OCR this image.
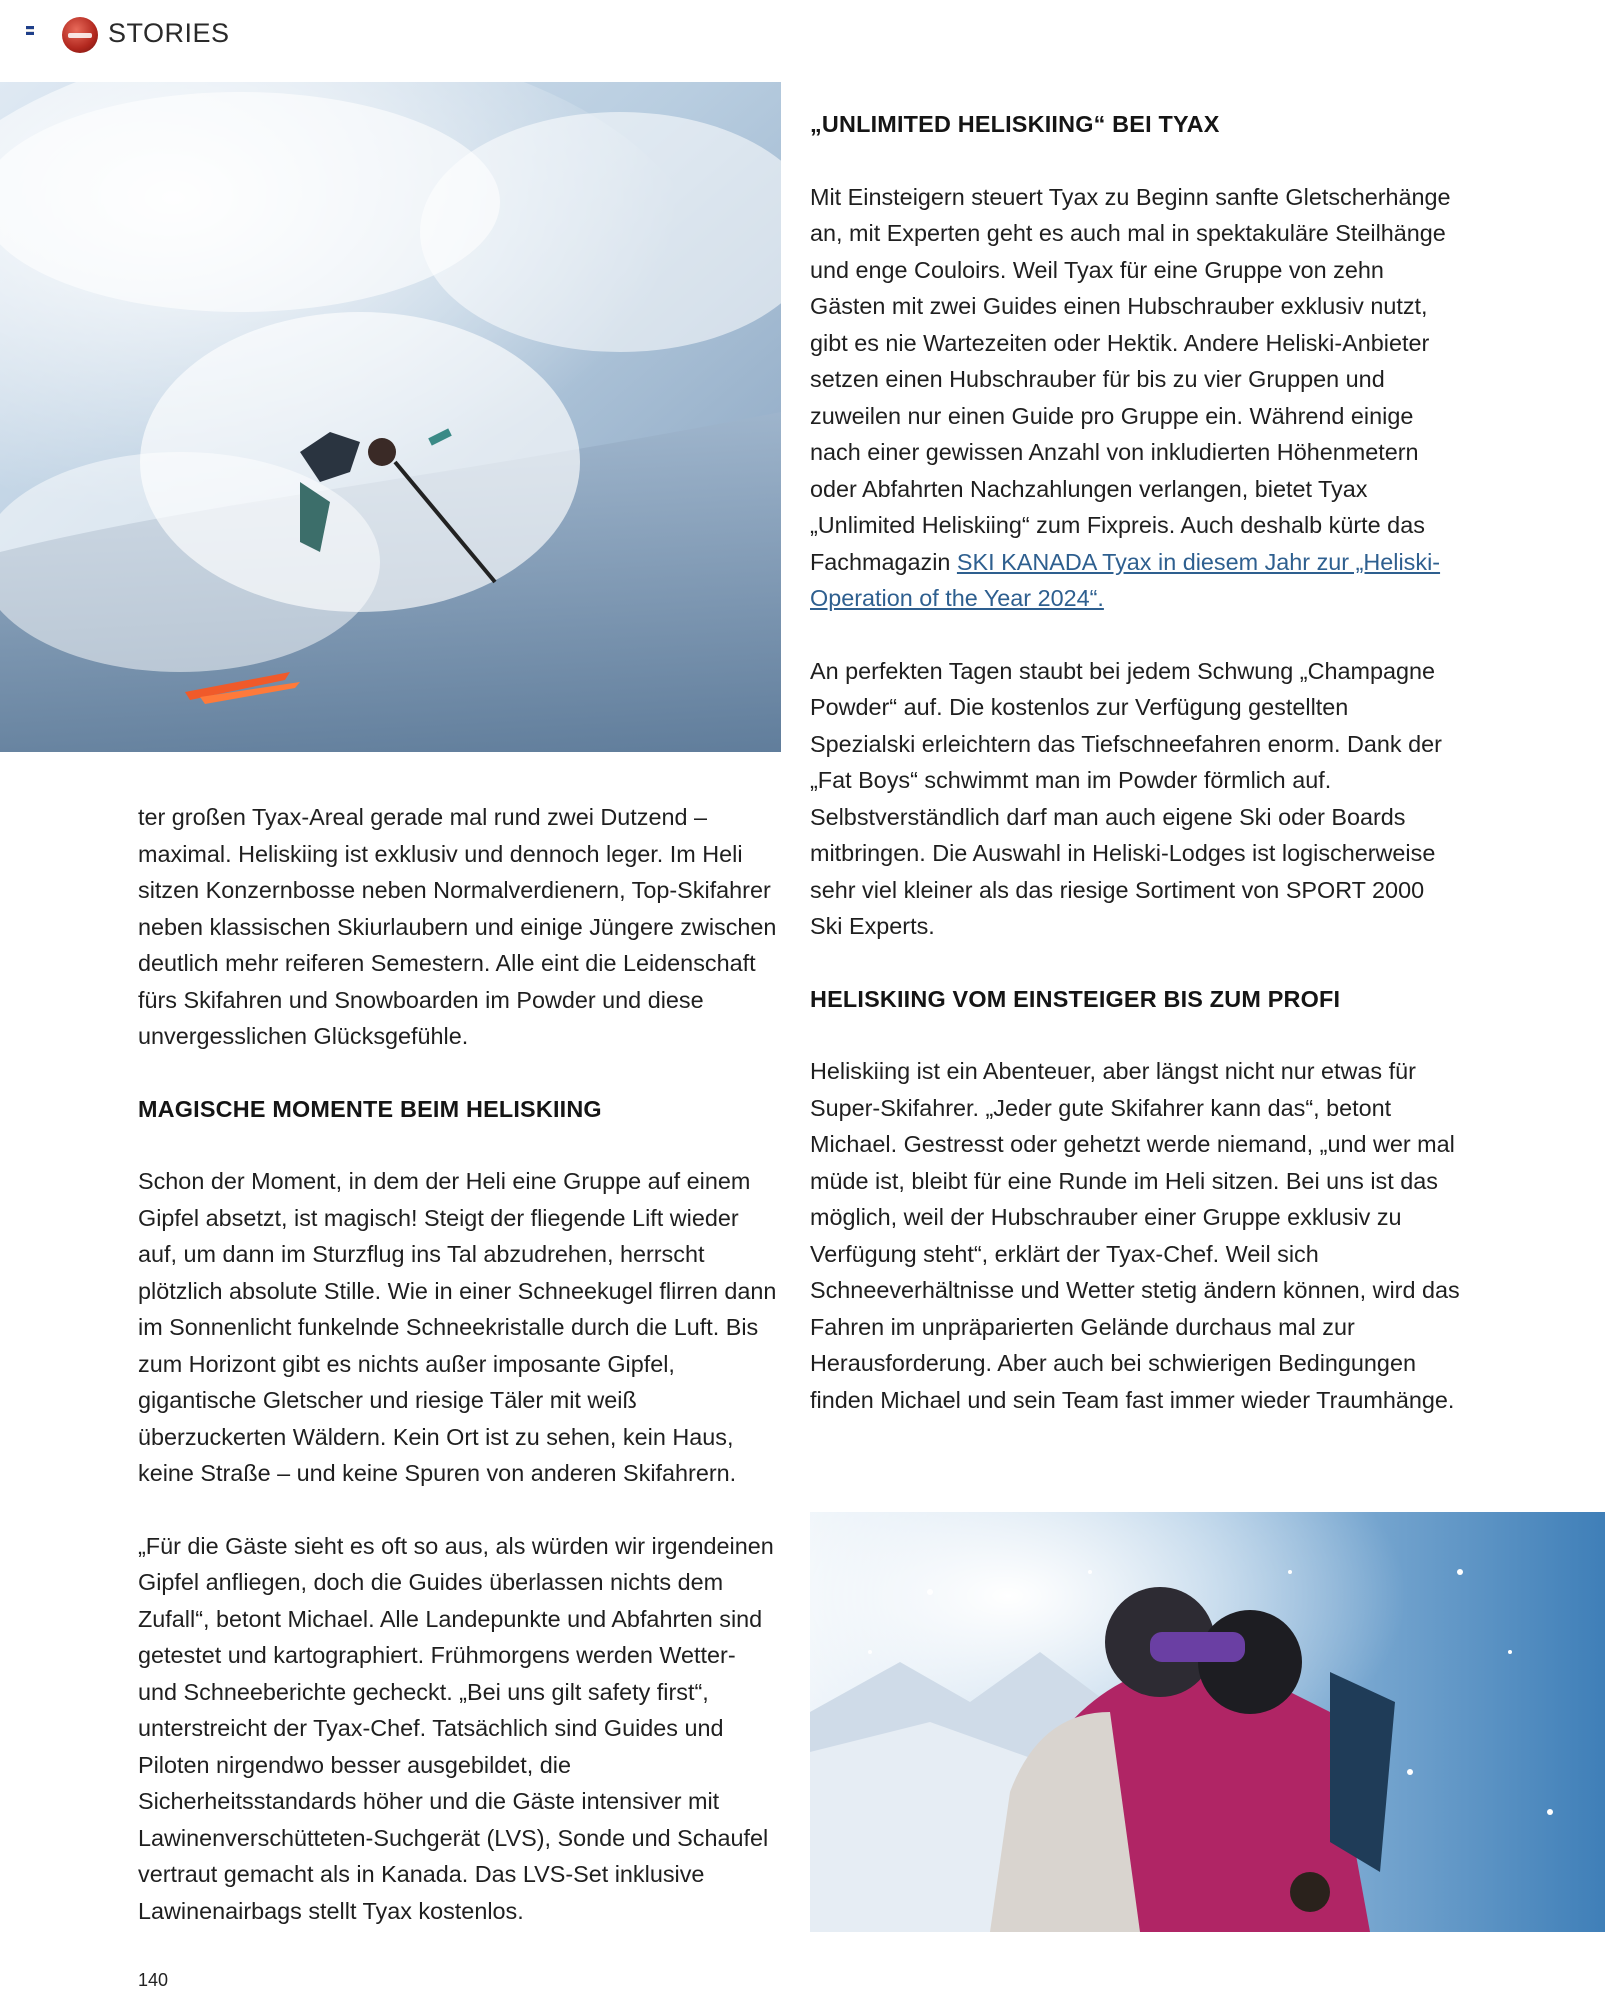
STORIES
„UNLIMITED HELISKIING“ BEI TYAX

Mit Einsteigern steuert Tyax zu Beginn sanfte Gletscherhänge an, mit Experten geht es auch mal in spektakuläre Steilhänge und enge Couloirs. Weil Tyax für eine Gruppe von zehn Gästen mit zwei Guides einen Hubschrauber exklusiv nutzt, gibt es nie Wartezeiten oder Hektik. Andere Heliski-Anbieter setzen einen Hubschrauber für bis zu vier Gruppen und zuweilen nur einen Guide pro Gruppe ein. Während einige nach einer gewissen Anzahl von inkludierten Höhenmetern oder Abfahrten Nachzahlungen verlangen, bietet Tyax „Unlimited Heliskiing“ zum Fixpreis. Auch deshalb kürte das Fachmagazin SKI KANADA Tyax in diesem Jahr zur „Heliski-Operation of the Year 2024“.

An perfekten Tagen staubt bei jedem Schwung „Champagne Powder“ auf. Die kostenlos zur Verfügung gestellten Spezialski erleichtern das Tiefschneefahren enorm. Dank der „Fat Boys“ schwimmt man im Powder förmlich auf. Selbstverständlich darf man auch eigene Ski oder Boards mitbringen. Die Auswahl in Heliski-Lodges ist logischerweise sehr viel kleiner als das riesige Sortiment von SPORT 2000 Ski Experts.

HELISKIING VOM EINSTEIGER BIS ZUM PROFI

Heliskiing ist ein Abenteuer, aber längst nicht nur etwas für Super-Skifahrer. „Jeder gute Skifahrer kann das“, betont Michael. Gestresst oder gehetzt werde niemand, „und wer mal müde ist, bleibt für eine Runde im Heli sitzen. Bei uns ist das möglich, weil der Hubschrauber einer Gruppe exklusiv zu Verfügung steht“, erklärt der Tyax-Chef. Weil sich Schneeverhältnisse und Wetter stetig ändern können, wird das Fahren im unpräparierten Gelände durchaus mal zur Herausforderung. Aber auch bei schwierigen Bedingungen finden Michael und sein Team fast immer wieder Traumhänge.

ter großen Tyax-Areal gerade mal rund zwei Dutzend – maximal. Heliskiing ist exklusiv und dennoch leger. Im Heli sitzen Konzernbosse neben Normalverdienern, Top-Skifahrer neben klassischen Skiurlaubern und einige Jüngere zwischen deutlich mehr reiferen Semestern. Alle eint die Leidenschaft fürs Skifahren und Snowboarden im Powder und diese unvergesslichen Glücksgefühle.

MAGISCHE MOMENTE BEIM HELISKIING

Schon der Moment, in dem der Heli eine Gruppe auf einem Gipfel absetzt, ist magisch! Steigt der fliegende Lift wieder auf, um dann im Sturzflug ins Tal abzudrehen, herrscht plötzlich absolute Stille. Wie in einer Schneekugel flirren dann im Sonnenlicht funkelnde Schneekristalle durch die Luft. Bis zum Horizont gibt es nichts außer imposante Gipfel, gigantische Gletscher und riesige Täler mit weiß überzuckerten Wäldern. Kein Ort ist zu sehen, kein Haus, keine Straße – und keine Spuren von anderen Skifahrern.

„Für die Gäste sieht es oft so aus, als würden wir irgendeinen Gipfel anfliegen, doch die Guides überlassen nichts dem Zufall“, betont Michael. Alle Landepunkte und Abfahrten sind getestet und kartographiert. Frühmorgens werden Wetter- und Schneeberichte gecheckt. „Bei uns gilt safety first“, unterstreicht der Tyax-Chef. Tatsächlich sind Guides und Piloten nirgendwo besser ausgebildet, die Sicherheitsstandards höher und die Gäste intensiver mit Lawinenverschütteten-Suchgerät (LVS), Sonde und Schaufel vertraut gemacht als in Kanada. Das LVS-Set inklusive Lawinenairbags stellt Tyax kostenlos.

140
